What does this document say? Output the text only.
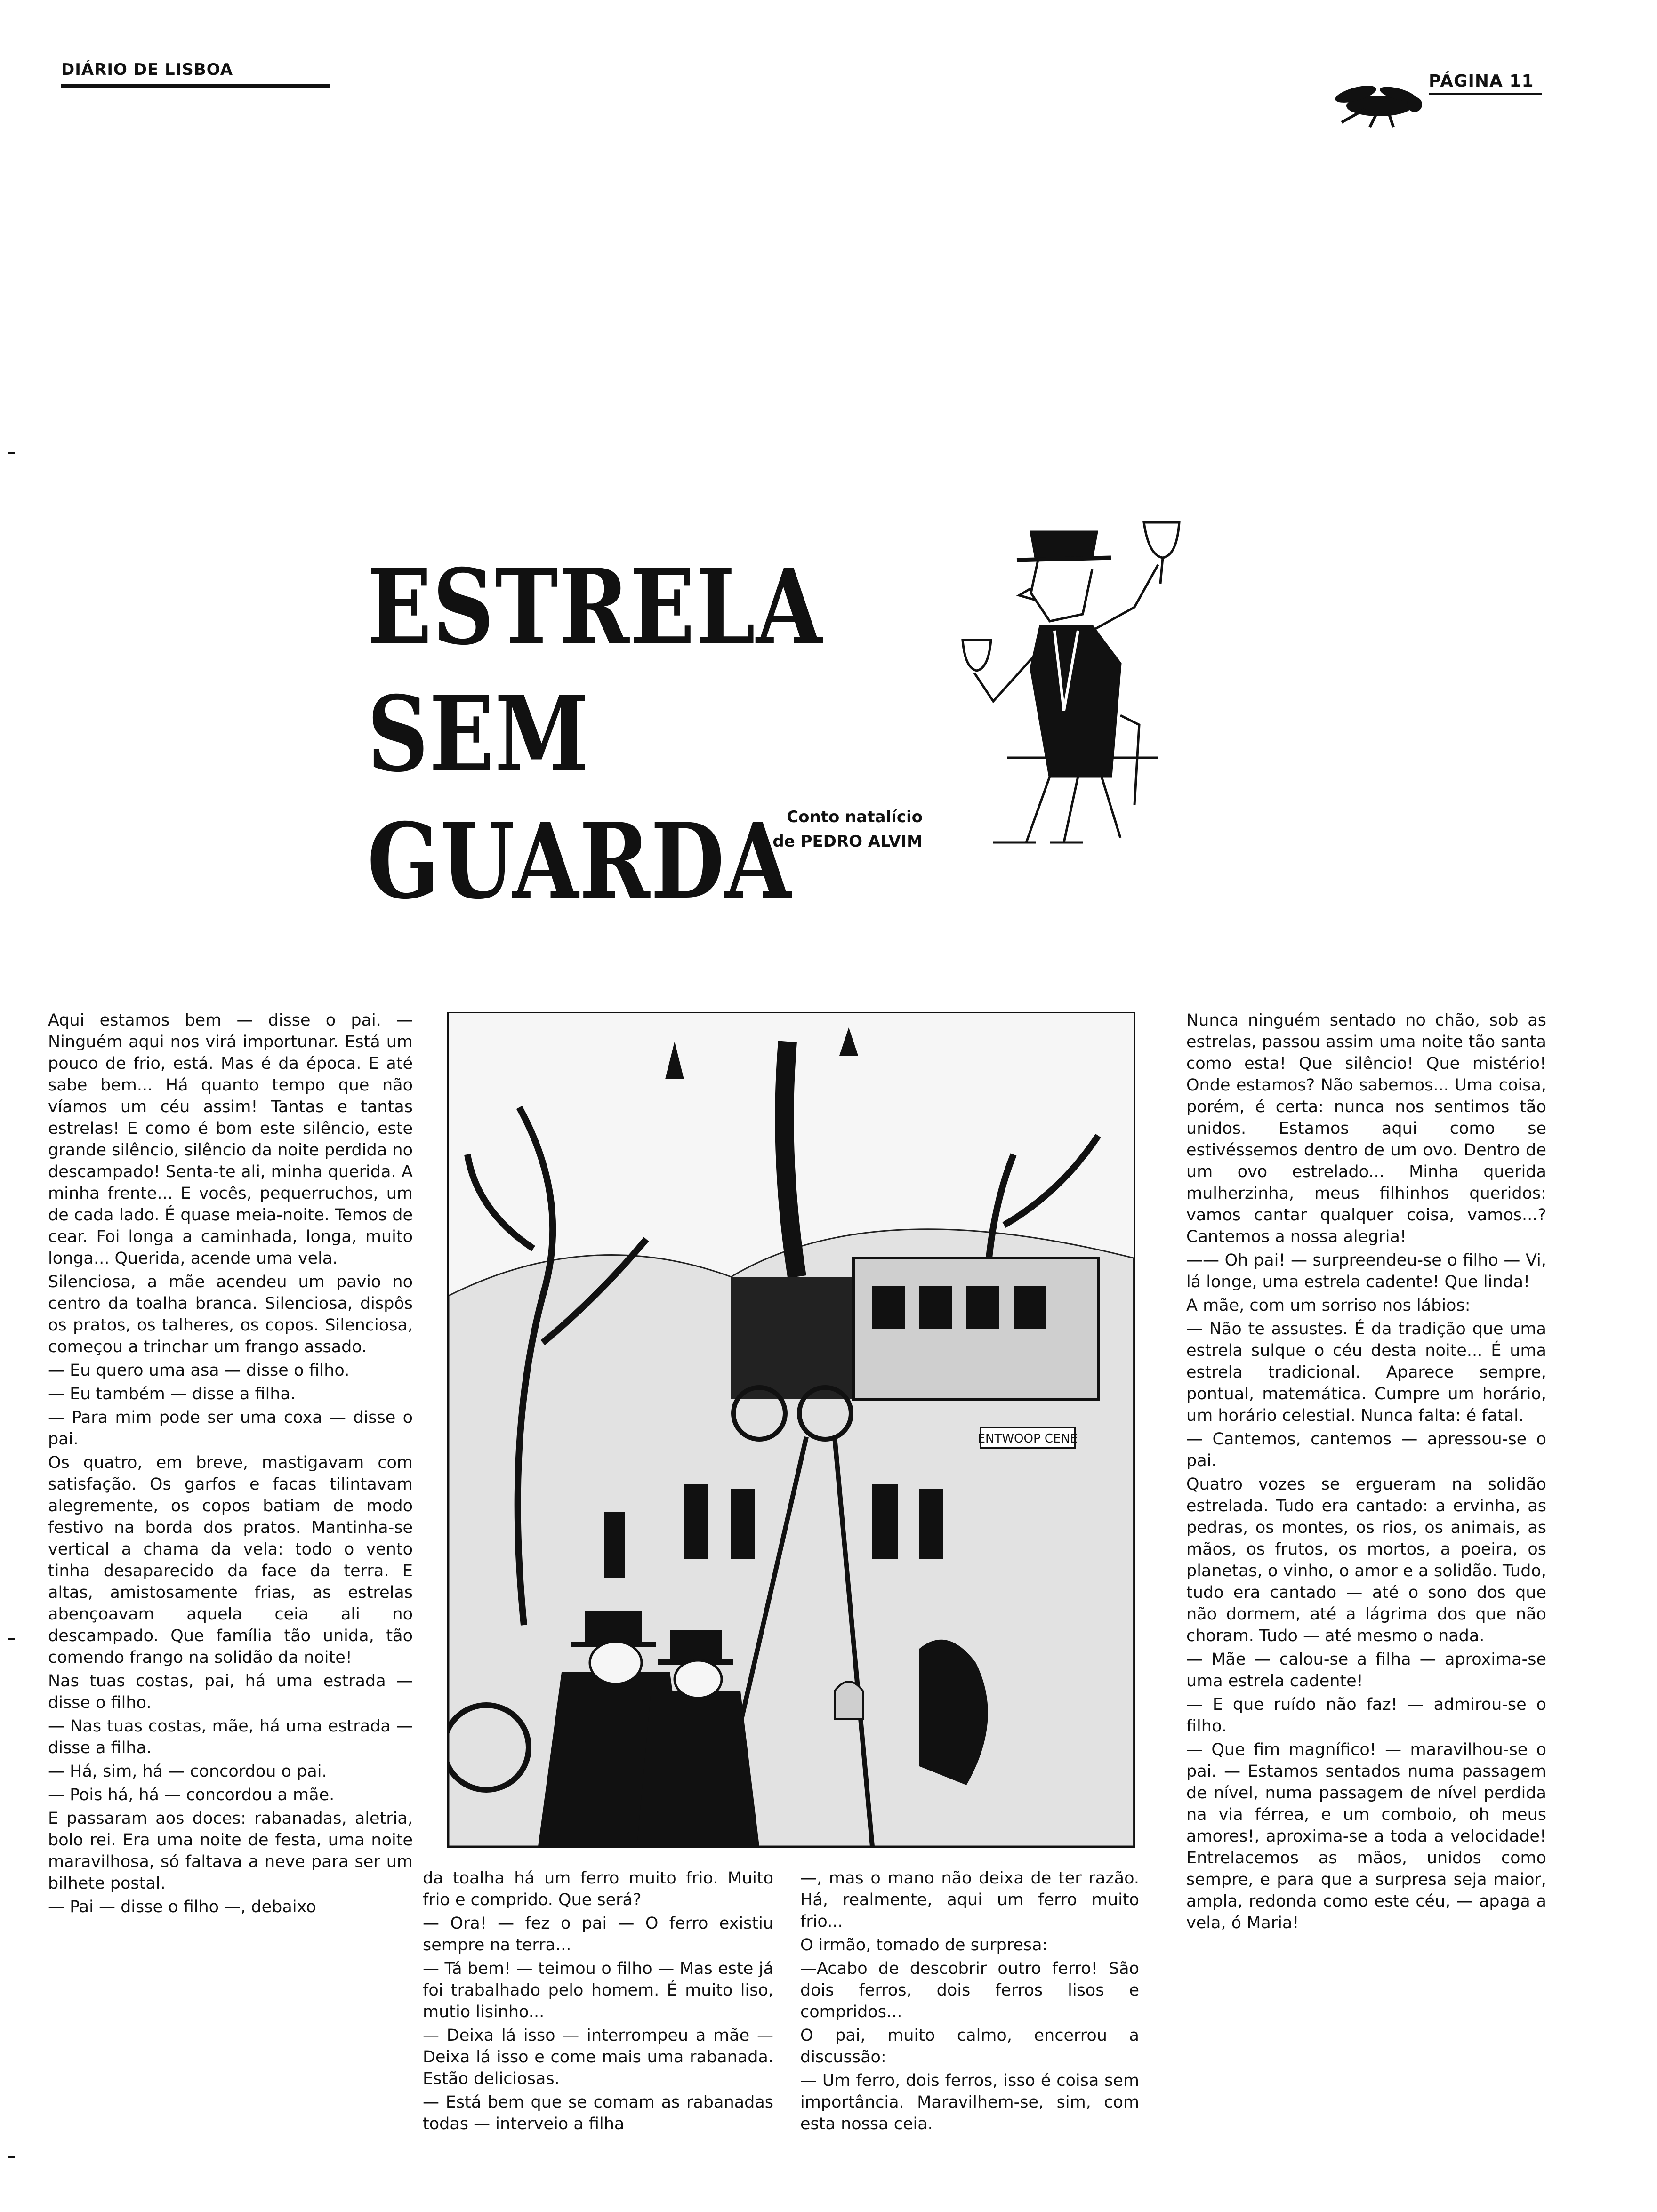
DIÁRIO DE LISBOA
PÁGINA 11
ESTRELA
SEM GUARDA
Conto natalício
de PEDRO ALVIM
ENTWOOP CENE

Aqui estamos bem — disse o pai. — Ninguém aqui nos virá importunar. Está um pouco de frio, está. Mas é da época. E até sabe bem... Há quanto tempo que não víamos um céu assim! Tantas e tantas estrelas! E como é bom este silêncio, este grande silêncio, silêncio da noite perdida no descampado! Senta-te ali, minha querida. A minha frente... E vocês, pequerruchos, um de cada lado. É quase meia-noite. Temos de cear. Foi longa a caminhada, longa, muito longa... Querida, acende uma vela.

Silenciosa, a mãe acendeu um pavio no centro da toalha branca. Silenciosa, dispôs os pratos, os talheres, os copos. Silenciosa, começou a trinchar um frango assado.

— Eu quero uma asa — disse o filho.

— Eu também — disse a filha.

— Para mim pode ser uma coxa — disse o pai.

Os quatro, em breve, mastigavam com satisfação. Os garfos e facas tilintavam alegremente, os copos batiam de modo festivo na borda dos pratos. Mantinha-se vertical a chama da vela: todo o vento tinha desaparecido da face da terra. E altas, amistosamente frias, as estrelas abençoavam aquela ceia ali no descampado. Que família tão unida, tão comendo frango na solidão da noite!

Nas tuas costas, pai, há uma estrada — disse o filho.

— Nas tuas costas, mãe, há uma estrada — disse a filha.

— Há, sim, há — concordou o pai.

— Pois há, há — concordou a mãe.

E passaram aos doces: rabanadas, aletria, bolo rei. Era uma noite de festa, uma noite maravilhosa, só faltava a neve para ser um bilhete postal.

— Pai — disse o filho —, debaixo

da toalha há um ferro muito frio. Muito frio e comprido. Que será?

— Ora! — fez o pai — O ferro existiu sempre na terra...

— Tá bem! — teimou o filho — Mas este já foi trabalhado pelo homem. É muito liso, mutio lisinho...

— Deixa lá isso — interrompeu a mãe — Deixa lá isso e come mais uma rabanada. Estão deliciosas.

— Está bem que se comam as rabanadas todas — interveio a filha

—, mas o mano não deixa de ter razão. Há, realmente, aqui um ferro muito frio...

O irmão, tomado de surpresa:

—Acabo de descobrir outro ferro! São dois ferros, dois ferros lisos e compridos...

O pai, muito calmo, encerrou a discussão:

— Um ferro, dois ferros, isso é coisa sem importância. Maravilhem-se, sim, com esta nossa ceia.

Nunca ninguém sentado no chão, sob as estrelas, passou assim uma noite tão santa como esta! Que silêncio! Que mistério! Onde estamos? Não sabemos... Uma coisa, porém, é certa: nunca nos sentimos tão unidos. Estamos aqui como se estivéssemos dentro de um ovo. Dentro de um ovo estrelado... Minha querida mulherzinha, meus filhinhos queridos: vamos cantar qualquer coisa, vamos...? Cantemos a nossa alegria!

—— Oh pai! — surpreendeu-se o filho — Vi, lá longe, uma estrela cadente! Que linda!

A mãe, com um sorriso nos lábios:

— Não te assustes. É da tradição que uma estrela sulque o céu desta noite... É uma estrela tradicional. Aparece sempre, pontual, matemática. Cumpre um horário, um horário celestial. Nunca falta: é fatal.

— Cantemos, cantemos — apressou-se o pai.

Quatro vozes se ergueram na solidão estrelada. Tudo era cantado: a ervinha, as pedras, os montes, os rios, os animais, as mãos, os frutos, os mortos, a poeira, os planetas, o vinho, o amor e a solidão. Tudo, tudo era cantado — até o sono dos que não dormem, até a lágrima dos que não choram. Tudo — até mesmo o nada.

— Mãe — calou-se a filha — aproxima-se uma estrela cadente!

— E que ruído não faz! — admirou-se o filho.

— Que fim magnífico! — maravilhou-se o pai. — Estamos sentados numa passagem de nível, numa passagem de nível perdida na via férrea, e um comboio, oh meus amores!, aproxima-se a toda a velocidade! Entrelacemos as mãos, unidos como sempre, e para que a surpresa seja maior, ampla, redonda como este céu, — apaga a vela, ó Maria!
